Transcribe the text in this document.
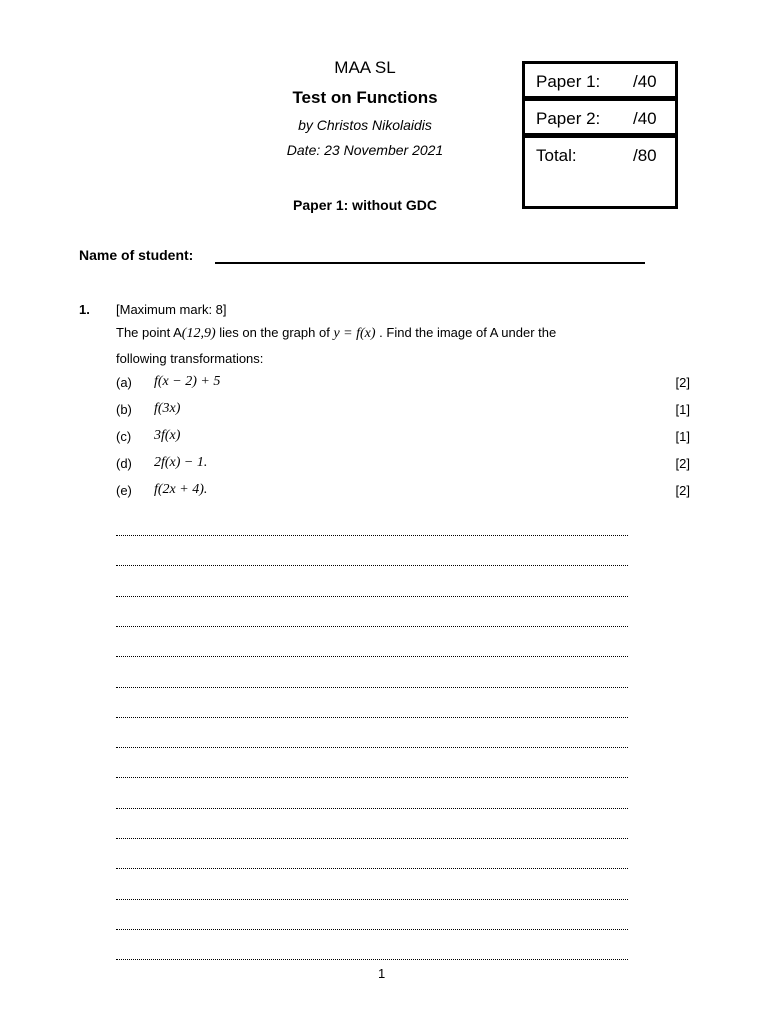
MAA SL
Test on Functions
by Christos Nikolaidis
Date: 23 November 2021
Paper 1: without GDC
Paper 1: /40
Paper 2: /40
Total:	/80
Name of student:
1. [Maximum mark: 8]
The point A(12,9) lies on the graph of y = f(x) . Find the image of A under the
following transformations:
(a) f(x − 2) + 5	[2]
(b) f(3x)	[1]
(c) 3f(x)	[1]
(d) 2f(x) − 1.	[2]
(e) f(2x + 4).	[2]
1
